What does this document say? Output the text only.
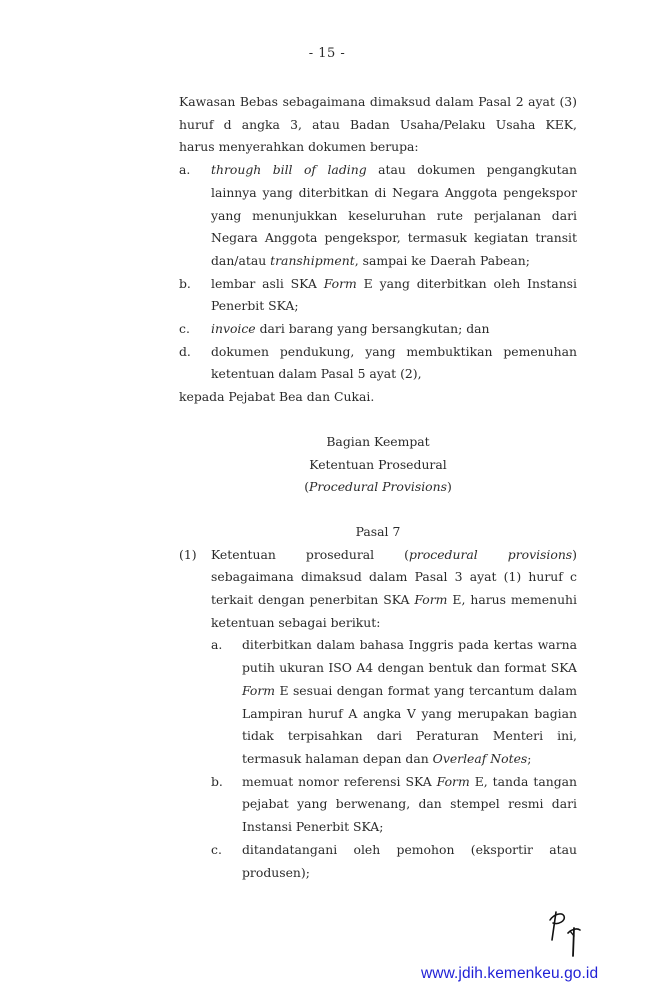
- 15 -

Kawasan Bebas sebagaimana dimaksud dalam Pasal 2 ayat (3)

huruf d angka 3, atau Badan Usaha/Pelaku Usaha KEK,

harus menyerahkan dokumen berupa:

a.	through bill of lading atau dokumen pengangkutan lainnya yang diterbitkan di Negara Anggota pengekspor yang menunjukkan keseluruhan rute perjalanan dari Negara Anggota pengekspor, termasuk kegiatan transit dan/atau transhipment, sampai ke Daerah Pabean;
b.	lembar asli SKA Form E yang diterbitkan oleh Instansi Penerbit SKA;
c.	invoice dari barang yang bersangkutan; dan
d.	dokumen pendukung, yang membuktikan pemenuhan ketentuan dalam Pasal 5 ayat (2),

kepada Pejabat Bea dan Cukai.

Bagian Keempat

Ketentuan Prosedural

(Procedural Provisions)

Pasal 7

(1)	Ketentuan prosedural (procedural provisions) sebagaimana dimaksud dalam Pasal 3 ayat (1) huruf c terkait dengan penerbitan SKA Form E, harus memenuhi ketentuan sebagai berikut:
a.	diterbitkan dalam bahasa Inggris pada kertas warna putih ukuran ISO A4 dengan bentuk dan format SKA Form E sesuai dengan format yang tercantum dalam Lampiran huruf A angka V yang merupakan bagian tidak terpisahkan dari Peraturan Menteri ini, termasuk halaman depan dan Overleaf Notes;
b.	memuat nomor referensi SKA Form E, tanda tangan pejabat yang berwenang, dan stempel resmi dari Instansi Penerbit SKA;
c.	ditandatangani oleh pemohon (eksportir atau produsen);
www.jdih.kemenkeu.go.id
